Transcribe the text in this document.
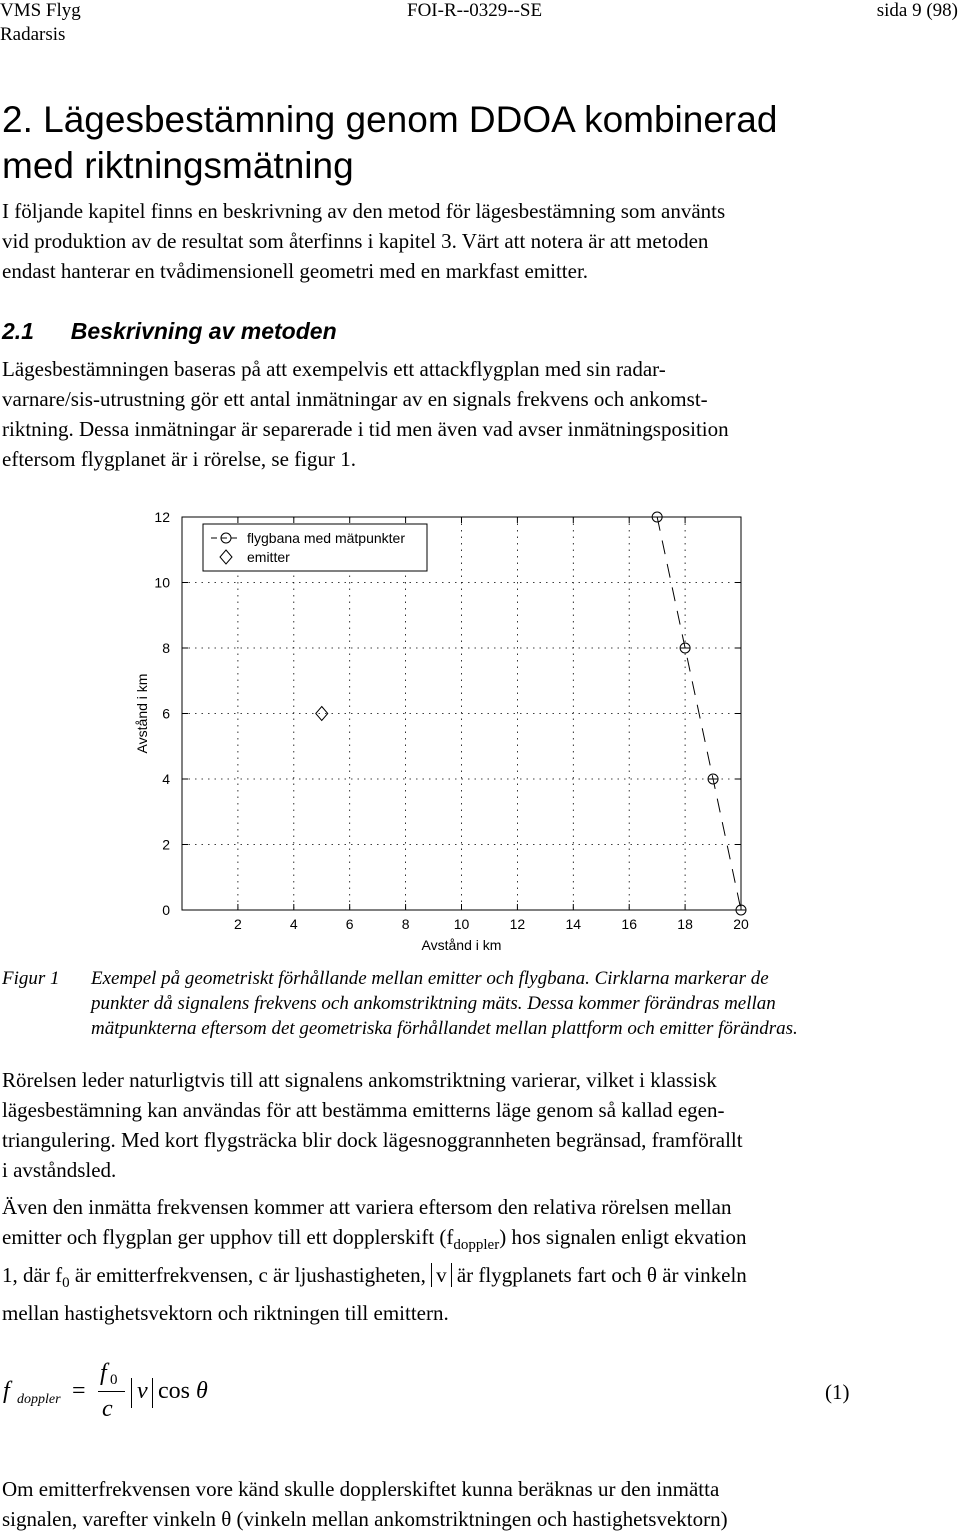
VMS Flyg
Radarsis
FOI-R--0329--SE	sida 9 (98)
2. Lägesbestämning genom DDOA kombinerad
med riktningsmätning
I följande kapitel finns en beskrivning av den metod för lägesbestämning som använts
vid produktion av de resultat som återfinns i kapitel 3. Värt att notera är att metoden
endast hanterar en tvådimensionell geometri med en markfast emitter.
2.1 Beskrivning av metoden
Lägesbestämningen baseras på att exempelvis ett attackflygplan med sin radar-
varnare/sis-utrustning gör ett antal inmätningar av en signals frekvens och ankomst-
riktning. Dessa inmätningar är separerade i tid men även vad avser inmätningsposition
eftersom flygplanet är i rörelse, se figur 1.
2	4	6	8	10	12	14	16	18	20
0
2
4
6
8
10
12
Avstånd i km
Avstånd i km
flygbana med mätpunkter
emitter
Figur 1 Exempel på geometriskt förhållande mellan emitter och flygbana. Cirklarna markerar de
punkter då signalens frekvens och ankomstriktning mäts. Dessa kommer förändras mellan
mätpunkterna eftersom det geometriska förhållandet mellan plattform och emitter förändras.
Rörelsen leder naturligtvis till att signalens ankomstriktning varierar, vilket i klassisk
lägesbestämning kan användas för att bestämma emitterns läge genom så kallad egen-
triangulering. Med kort flygsträcka blir dock lägesnoggrannheten begränsad, framförallt
i avståndsled.
Även den inmätta frekvensen kommer att variera eftersom den relativa rörelsen mellan
emitter och flygplan ger upphov till ett dopplerskift $(f_{doppler})$ hos signalen enligt ekvation
1, där $f_0$ är emitterfrekvensen, c är ljushastigheten, v är flygplanets fart och θ är vinkeln
mellan hastighetsvektorn och riktningen till emittern.
f doppler =
f 0
c
v cos θ	(1)
Om emitterfrekvensen vore känd skulle dopplerskiftet kunna beräknas ur den inmätta
signalen, varefter vinkeln θ (vinkeln mellan ankomstriktningen och hastighetsvektorn)
